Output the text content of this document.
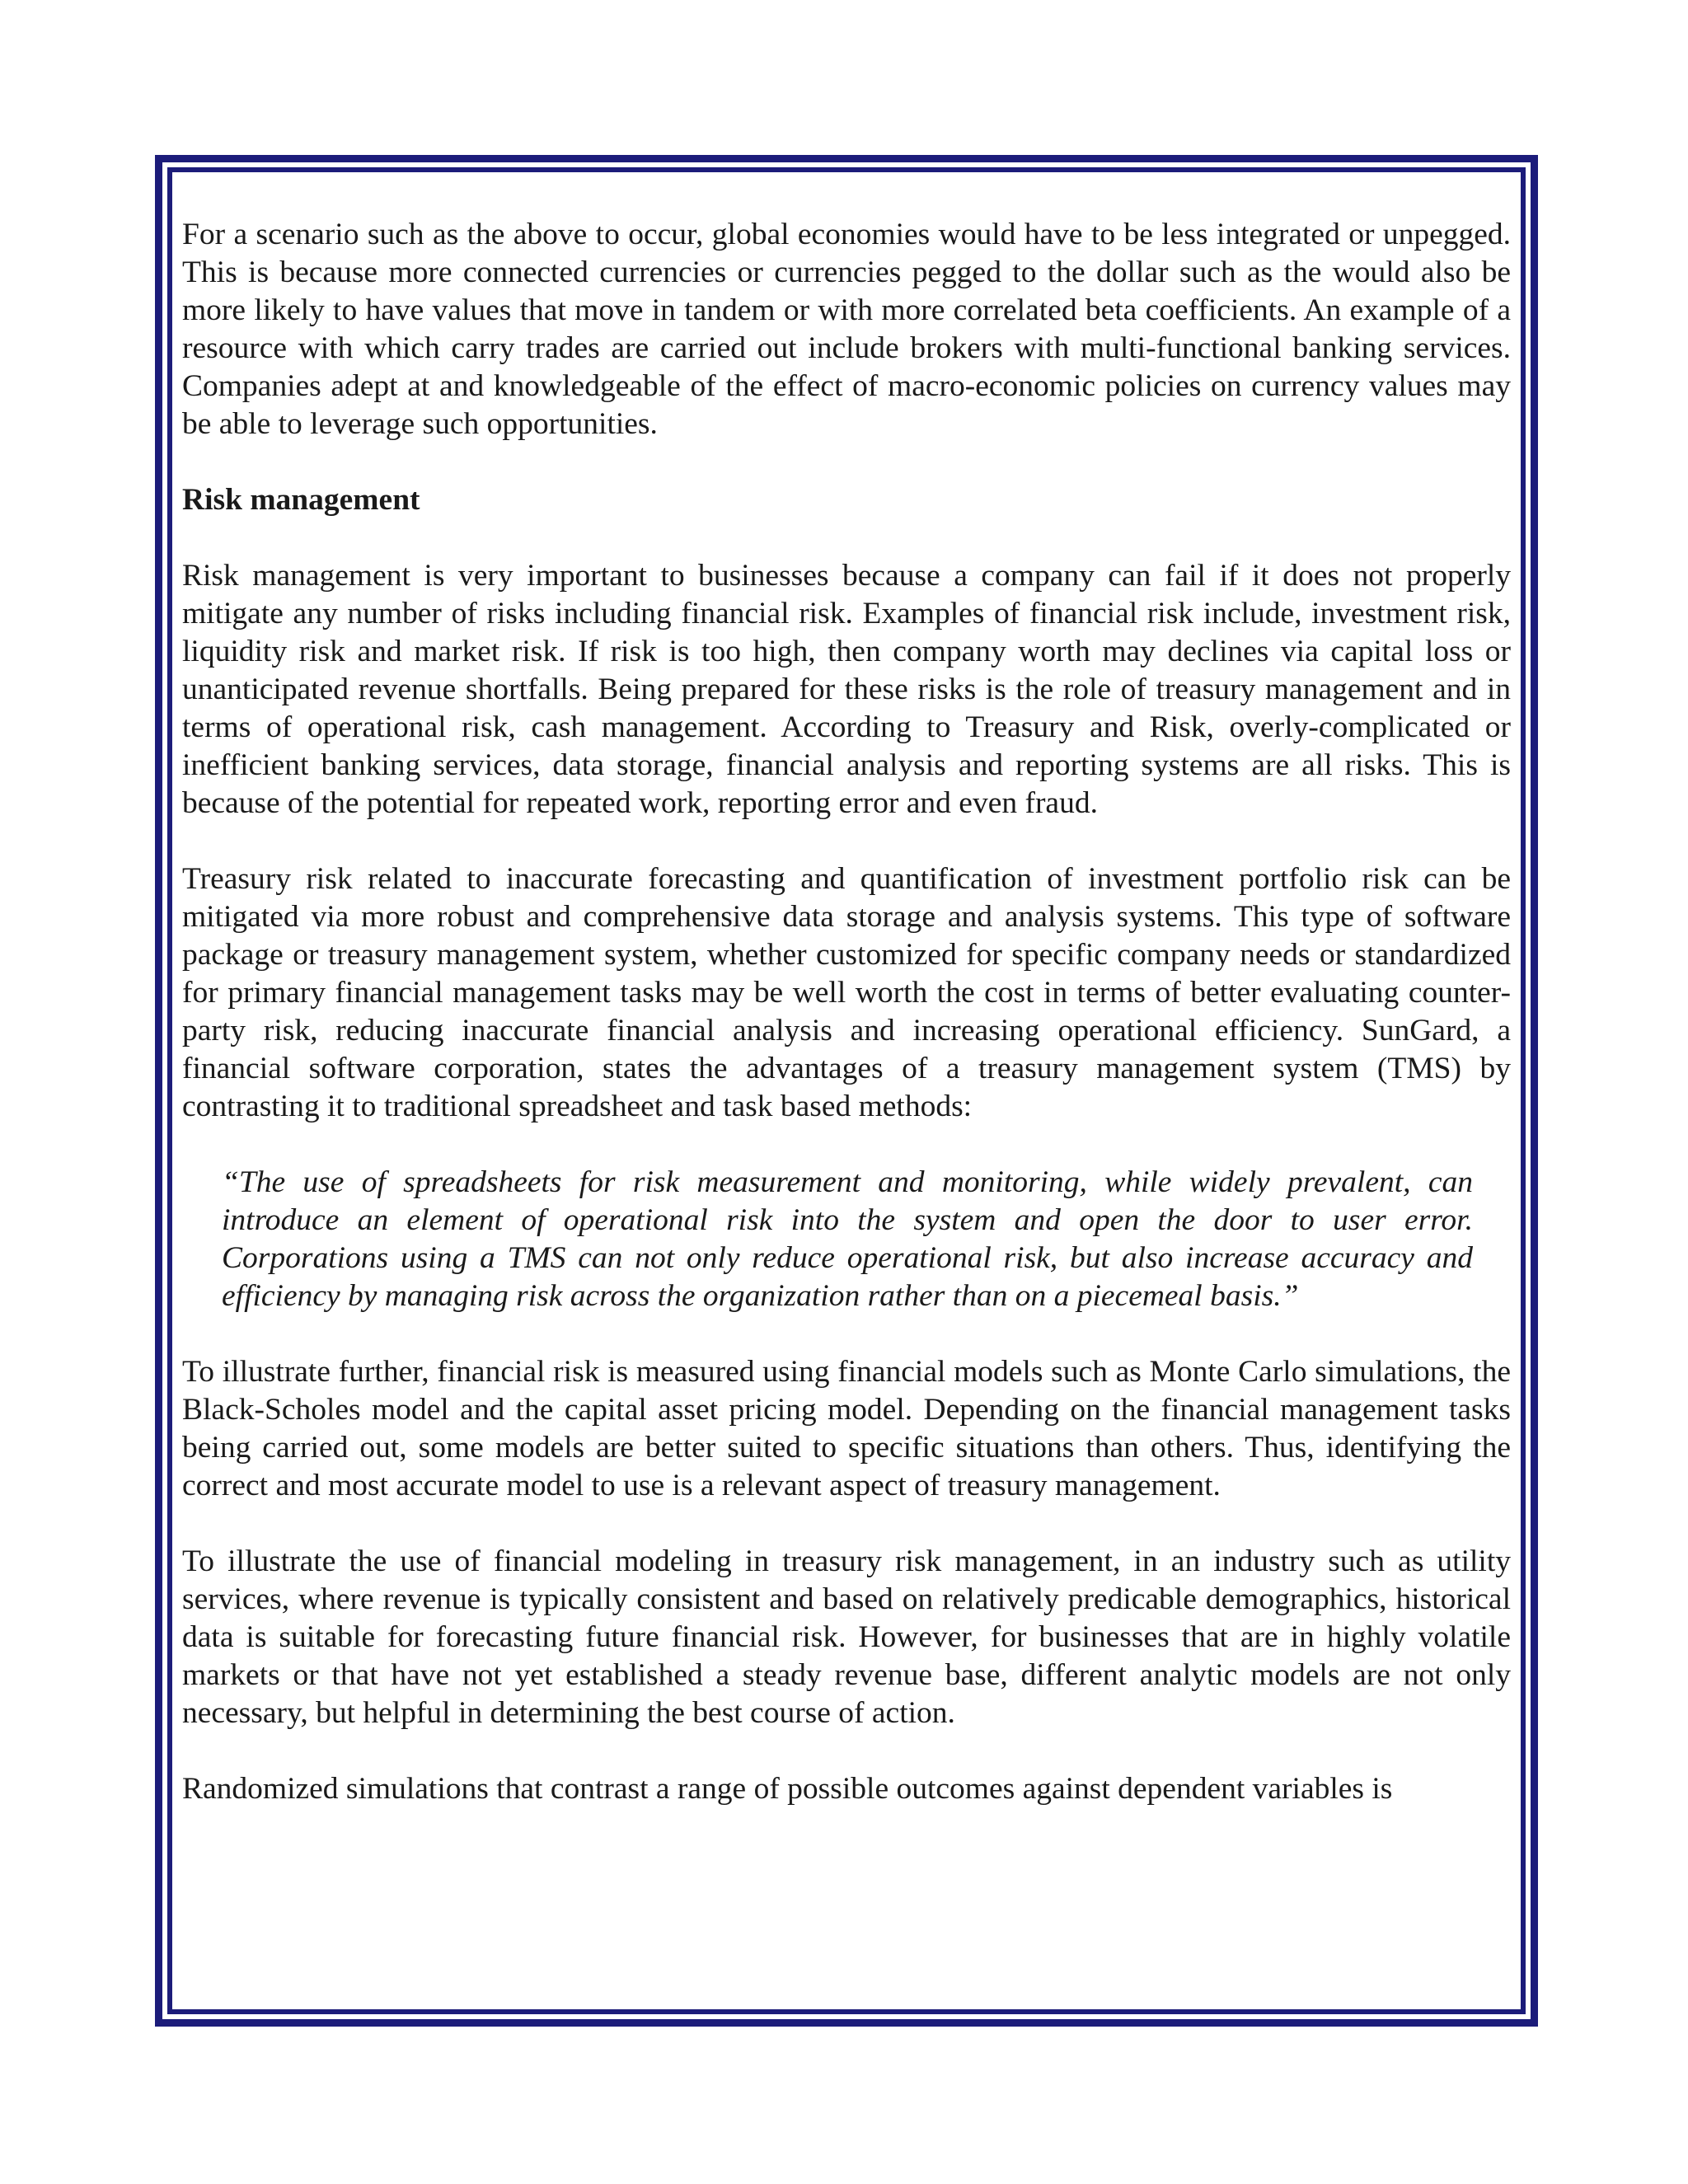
For a scenario such as the above to occur, global economies would have to be less integrated or unpegged. This is because more connected currencies or currencies pegged to the dollar such as the would also be more likely to have values that move in tandem or with more correlated beta coefficients. An example of a resource with which carry trades are carried out include brokers with multi-functional banking services. Companies adept at and knowledgeable of the effect of macro-economic policies on currency values may be able to leverage such opportunities.

Risk management

Risk management is very important to businesses because a company can fail if it does not properly mitigate any number of risks including financial risk. Examples of financial risk include, investment risk, liquidity risk and market risk. If risk is too high, then company worth may declines via capital loss or unanticipated revenue shortfalls. Being prepared for these risks is the role of treasury management and in terms of operational risk, cash management. According to Treasury and Risk, overly-complicated or inefficient banking services, data storage, financial analysis and reporting systems are all risks. This is because of the potential for repeated work, reporting error and even fraud.

Treasury risk related to inaccurate forecasting and quantification of investment portfolio risk can be mitigated via more robust and comprehensive data storage and analysis systems. This type of software package or treasury management system, whether customized for specific company needs or standardized for primary financial management tasks may be well worth the cost in terms of better evaluating counter-party risk, reducing inaccurate financial analysis and increasing operational efficiency. SunGard, a financial software corporation, states the advantages of a treasury management system (TMS) by contrasting it to traditional spreadsheet and task based methods:

“The use of spreadsheets for risk measurement and monitoring, while widely prevalent, can introduce an element of operational risk into the system and open the door to user error. Corporations using a TMS can not only reduce operational risk, but also increase accuracy and efficiency by managing risk across the organization rather than on a piecemeal basis.”

To illustrate further, financial risk is measured using financial models such as Monte Carlo simulations, the Black-Scholes model and the capital asset pricing model. Depending on the financial management tasks being carried out, some models are better suited to specific situations than others. Thus, identifying the correct and most accurate model to use is a relevant aspect of treasury management.

To illustrate the use of financial modeling in treasury risk management, in an industry such as utility services, where revenue is typically consistent and based on relatively predicable demographics, historical data is suitable for forecasting future financial risk. However, for businesses that are in highly volatile markets or that have not yet established a steady revenue base, different analytic models are not only necessary, but helpful in determining the best course of action.

Randomized simulations that contrast a range of possible outcomes against dependent variables is
